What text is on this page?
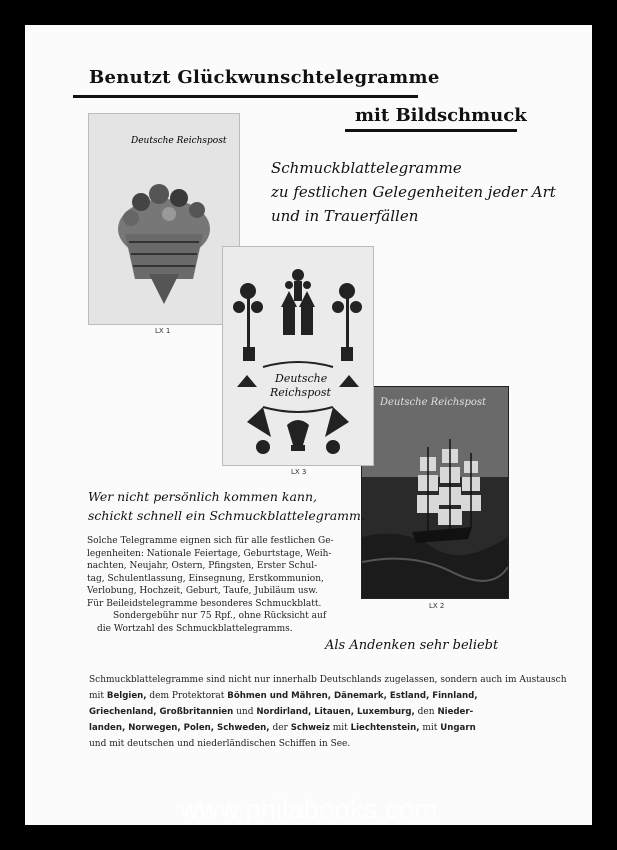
Benutzt Glückwunschtelegramme
mit Bildschmuck
Schmuckblattelegramme
zu festlichen Gelegenheiten jeder Art
und in Trauerfällen
Deutsche Reichspost
LX 1
Deutsche Reichspost
LX 2
Deutsche
Reichspost
LX 3
Wer nicht persönlich kommen kann,
schickt schnell ein Schmuckblattelegramm.
Solche Telegramme eignen sich für alle festlichen Ge-
legenheiten: Nationale Feiertage, Geburtstage, Weih-
nachten, Neujahr, Ostern, Pfingsten, Erster Schul-
tag, Schulentlassung, Einsegnung, Erstkommunion,
Verlobung, Hochzeit, Geburt, Taufe, Jubiläum usw.
Für Beileidstelegramme besonderes Schmuckblatt.
Sondergebühr nur 75 Rpf., ohne Rücksicht auf
die Wortzahl des Schmuckblattelegramms.
Als Andenken sehr beliebt
Schmuckblattelegramme sind nicht nur innerhalb Deutschlands zugelassen, sondern auch im Austausch
mit Belgien, dem Protektorat Böhmen und Mähren, Dänemark, Estland, Finnland,
Griechenland, Großbritannien und Nordirland, Litauen, Luxemburg, den Nieder-
landen, Norwegen, Polen, Schweden, der Schweiz mit Liechtenstein, mit Ungarn
und mit deutschen und niederländischen Schiffen in See.
www.philabooks.com
